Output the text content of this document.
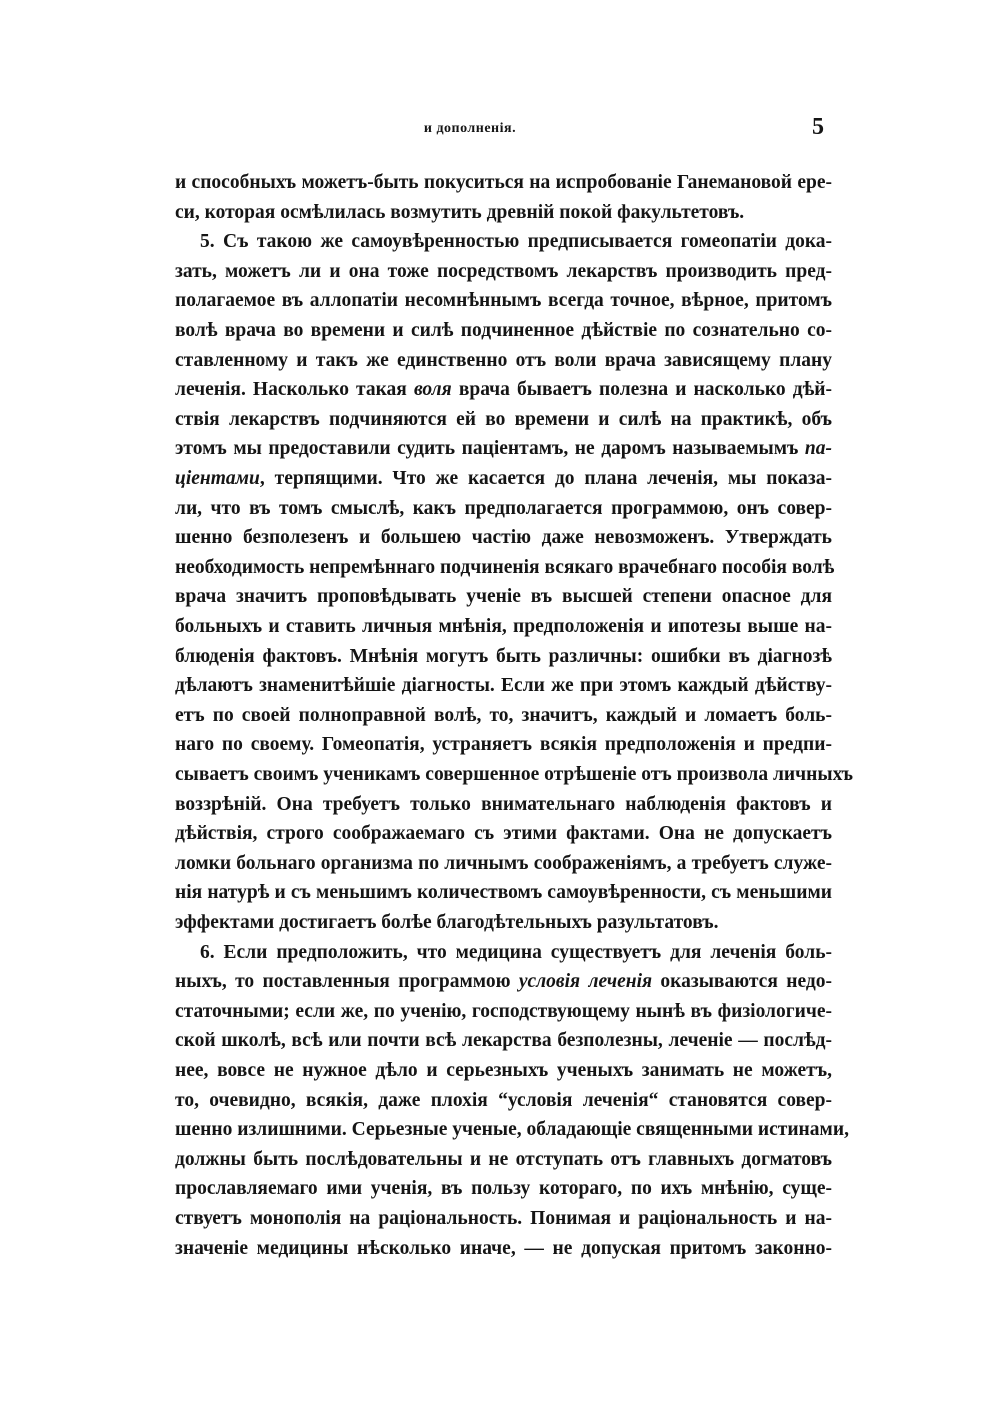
и дополненія.	5
и способныхъ можетъ-быть покуситься на испробованіе Ганемановой ере-
си, которая осмѣлилась возмутить древній покой факультетовъ.
5. Съ такою же самоувѣренностью предписывается гомеопатіи дока-
зать, можетъ ли и она тоже посредствомъ лекарствъ производить пред-
полагаемое въ аллопатіи несомнѣннымъ всегда точное, вѣрное, притомъ
волѣ врача во времени и силѣ подчиненное дѣйствіе по сознательно со-
ставленному и такъ же единственно отъ воли врача зависящему плану
леченія. Насколько такая воля врача бываетъ полезна и насколько дѣй-
ствія лекарствъ подчиняются ей во времени и силѣ на практикѣ, объ
этомъ мы предоставили судить паціентамъ, не даромъ называемымъ па-
ціентами, терпящими. Что же касается до плана леченія, мы показа-
ли, что въ томъ смыслѣ, какъ предполагается программою, онъ совер-
шенно безполезенъ и большею частію даже невозможенъ. Утверждать
необходимость непремѣннаго подчиненія всякаго врачебнаго пособія волѣ
врача значитъ проповѣдывать ученіе въ высшей степени опасное для
больныхъ и ставить личныя мнѣнія, предположенія и ипотезы выше на-
блюденія фактовъ. Мнѣнія могутъ быть различны: ошибки въ діагнозѣ
дѣлаютъ знаменитѣйшіе діагносты. Если же при этомъ каждый дѣйству-
етъ по своей полноправной волѣ, то, значитъ, каждый и ломаетъ боль-
наго по своему. Гомеопатія, устраняетъ всякія предположенія и предпи-
сываетъ своимъ ученикамъ совершенное отрѣшеніе отъ произвола личныхъ
воззрѣній. Она требуетъ только внимательнаго наблюденія фактовъ и
дѣйствія, строго соображаемаго съ этими фактами. Она не допускаетъ
ломки больнаго организма по личнымъ соображеніямъ, а требуетъ служе-
нія натурѣ и съ меньшимъ количествомъ самоувѣренности, съ меньшими
эффектами достигаетъ болѣе благодѣтельныхъ разультатовъ.
6. Если предположить, что медицина существуетъ для леченія боль-
ныхъ, то поставленныя программою условія леченія оказываются недо-
статочными; если же, по ученію, господствующему нынѣ въ физіологиче-
ской школѣ, всѣ или почти всѣ лекарства безполезны, леченіе — послѣд-
нее, вовсе не нужное дѣло и серьезныхъ ученыхъ занимать не можетъ,
то, очевидно, всякія, даже плохія “условія леченія“ становятся совер-
шенно излишними. Серьезные ученые, обладающіе священными истинами,
должны быть послѣдовательны и не отступать отъ главныхъ догматовъ
прославляемаго ими ученія, въ пользу котораго, по ихъ мнѣнію, суще-
ствуетъ монополія на раціональность. Понимая и раціональность и на-
значеніе медицины нѣсколько иначе, — не допуская притомъ законно-
